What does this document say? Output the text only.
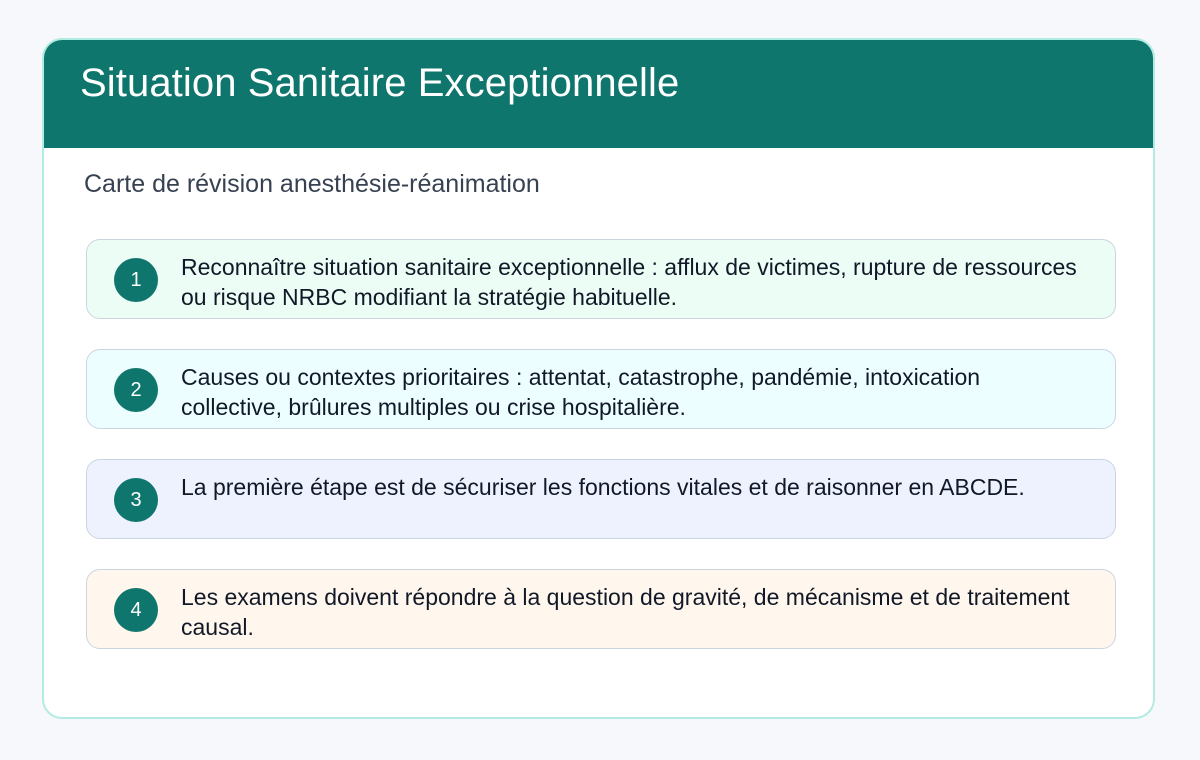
Situation Sanitaire Exceptionnelle
Carte de révision anesthésie-réanimation
1	Reconnaître situation sanitaire exceptionnelle : afflux de victimes, rupture de ressources ou risque NRBC modifiant la stratégie habituelle.
2	Causes ou contextes prioritaires : attentat, catastrophe, pandémie, intoxication collective, brûlures multiples ou crise hospitalière.
3	La première étape est de sécuriser les fonctions vitales et de raisonner en ABCDE.
4	Les examens doivent répondre à la question de gravité, de mécanisme et de traitement causal.
